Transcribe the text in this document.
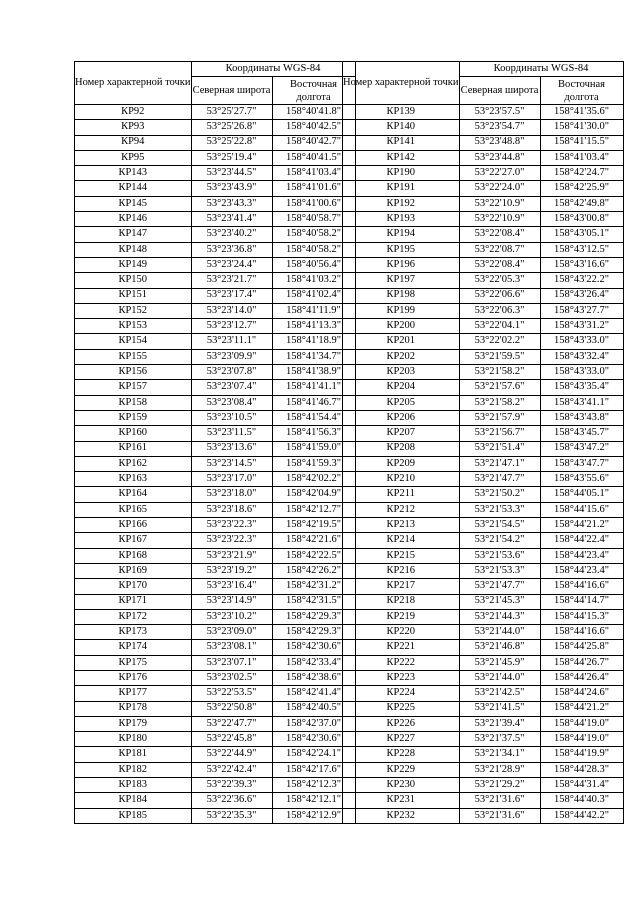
Номер характерной точки	Координаты WGS-84	
	Северная широта	Восточная долгота
КР92	53°25'27.7"	158°40'41.8"
КР93	53°25'26.8"	158°40'42.5"
КР94	53°25'22.8"	158°40'42.7"
КР95	53°25'19.4"	158°40'41.5"
КР143	53°23'44.5"	158°41'03.4"
КР144	53°23'43.9"	158°41'01.6"
КР145	53°23'43.3"	158°41'00.6"
КР146	53°23'41.4"	158°40'58.7"
КР147	53°23'40.2"	158°40'58.2"
КР148	53°23'36.8"	158°40'58.2"
КР149	53°23'24.4"	158°40'56.4"
КР150	53°23'21.7"	158°41'03.2"
КР151	53°23'17.4"	158°41'02.4"
КР152	53°23'14.0"	158°41'11.9"
КР153	53°23'12.7"	158°41'13.3"
КР154	53°23'11.1"	158°41'18.9"
КР155	53°23'09.9"	158°41'34.7"
КР156	53°23'07.8"	158°41'38.9"
КР157	53°23'07.4"	158°41'41.1"
КР158	53°23'08.4"	158°41'46.7"
КР159	53°23'10.5"	158°41'54.4"
КР160	53°23'11.5"	158°41'56.3"
КР161	53°23'13.6"	158°41'59.0"
КР162	53°23'14.5"	158°41'59.3"
КР163	53°23'17.0"	158°42'02.2"
КР164	53°23'18.0"	158°42'04.9"
КР165	53°23'18.6"	158°42'12.7"
КР166	53°23'22.3"	158°42'19.5"
КР167	53°23'22.3"	158°42'21.6"
КР168	53°23'21.9"	158°42'22.5"
КР169	53°23'19.2"	158°42'26.2"
КР170	53°23'16.4"	158°42'31.2"
КР171	53°23'14.9"	158°42'31.5"
КР172	53°23'10.2"	158°42'29.3"
КР173	53°23'09.0"	158°42'29.3"
КР174	53°23'08.1"	158°42'30.6"
КР175	53°23'07.1"	158°42'33.4"
КР176	53°23'02.5"	158°42'38.6"
КР177	53°22'53.5"	158°42'41.4"
КР178	53°22'50.8"	158°42'40.5"
КР179	53°22'47.7"	158°42'37.0"
КР180	53°22'45.8"	158°42'30.6"
КР181	53°22'44.9"	158°42'24.1"
КР182	53°22'42.4"	158°42'17.6"
КР183	53°22'39.3"	158°42'12.3"
КР184	53°22'36.6"	158°42'12.1"
КР185	53°22'35.3"	158°42'12.9"
Номер характерной точки	Координаты WGS-84	
	Северная широта	Восточная долгота
КР139	53°23'57.5"	158°41'35.6"
КР140	53°23'54.7"	158°41'30.0"
КР141	53°23'48.8"	158°41'15.5"
КР142	53°23'44.8"	158°41'03.4"
КР190	53°22'27.0"	158°42'24.7"
КР191	53°22'24.0"	158°42'25.9"
КР192	53°22'10.9"	158°42'49.8"
КР193	53°22'10.9"	158°43'00.8"
КР194	53°22'08.4"	158°43'05.1"
КР195	53°22'08.7"	158°43'12.5"
КР196	53°22'08.4"	158°43'16.6"
КР197	53°22'05.3"	158°43'22.2"
КР198	53°22'06.6"	158°43'26.4"
КР199	53°22'06.3"	158°43'27.7"
КР200	53°22'04.1"	158°43'31.2"
КР201	53°22'02.2"	158°43'33.0"
КР202	53°21'59.5"	158°43'32.4"
КР203	53°21'58.2"	158°43'33.0"
КР204	53°21'57.6"	158°43'35.4"
КР205	53°21'58.2"	158°43'41.1"
КР206	53°21'57.9"	158°43'43.8"
КР207	53°21'56.7"	158°43'45.7"
КР208	53°21'51.4"	158°43'47.2"
КР209	53°21'47.1"	158°43'47.7"
КР210	53°21'47.7"	158°43'55.6"
КР211	53°21'50.2"	158°44'05.1"
КР212	53°21'53.3"	158°44'15.6"
КР213	53°21'54.5"	158°44'21.2"
КР214	53°21'54.2"	158°44'22.4"
КР215	53°21'53.6"	158°44'23.4"
КР216	53°21'53.3"	158°44'23.4"
КР217	53°21'47.7"	158°44'16.6"
КР218	53°21'45.3"	158°44'14.7"
КР219	53°21'44.3"	158°44'15.3"
КР220	53°21'44.0"	158°44'16.6"
КР221	53°21'46.8"	158°44'25.8"
КР222	53°21'45.9"	158°44'26.7"
КР223	53°21'44.0"	158°44'26.4"
КР224	53°21'42.5"	158°44'24.6"
КР225	53°21'41.5"	158°44'21.2"
КР226	53°21'39.4"	158°44'19.0"
КР227	53°21'37.5"	158°44'19.0"
КР228	53°21'34.1"	158°44'19.9"
КР229	53°21'28.9"	158°44'28.3"
КР230	53°21'29.2"	158°44'31.4"
КР231	53°21'31.6"	158°44'40.3"
КР232	53°21'31.6"	158°44'42.2"
